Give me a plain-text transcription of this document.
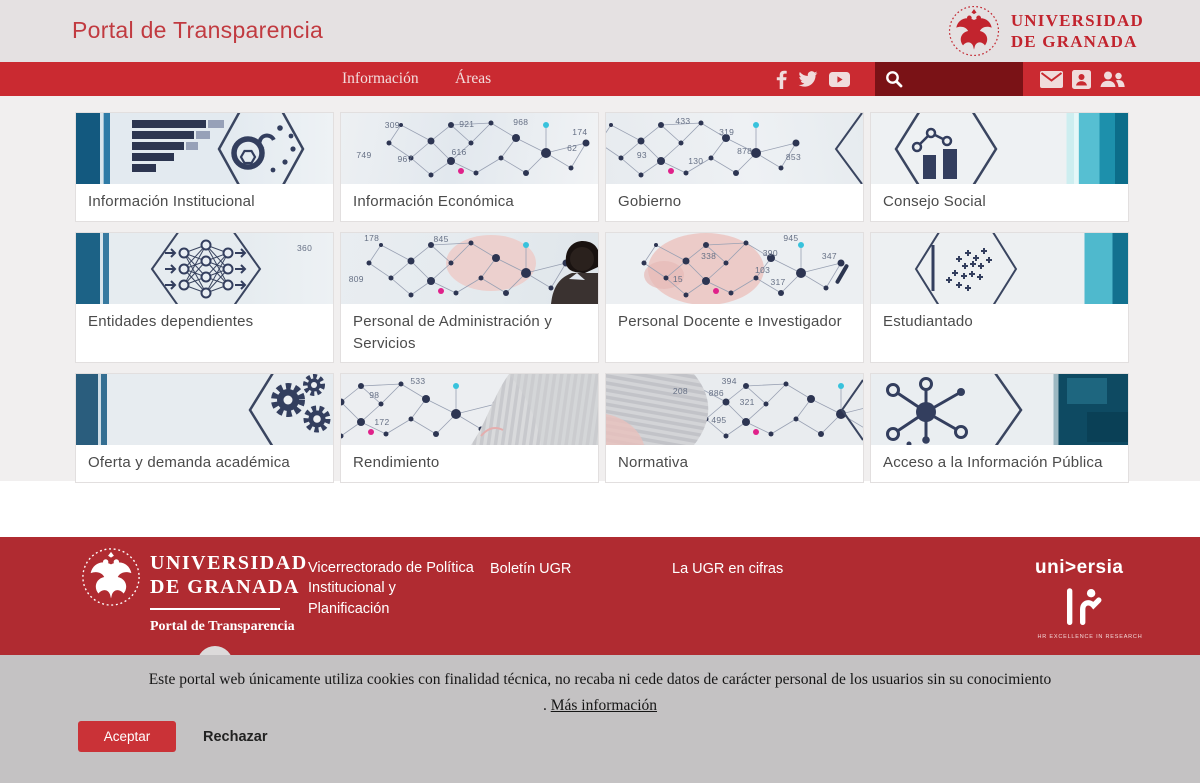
Portal de Transparencia	UNIVERSIDAD
DE GRANADA
Información Áreas
Información Institucional
309	921	968
174
749	967
616	62
Información Económica
433
319
878
93
130	853
Gobierno	Consejo Social
360
Entidades dependientes
178	845
809
Personal de Administración y Servicios
945
338	390	347
103
317
15
Personal Docente e Investigador	Estudiantado
Oferta y demanda académica
533
98
172
Rendimiento
394
208 886
321
495
Normativa	Acceso a la Información Pública
UNIVERSIDAD
DE GRANADA
Portal de Transparencia
Vicerrectorado de Política Institucional y Planificación
Boletín UGR	La UGR en cifras	uni>ersia
HR EXCELLENCE IN RESEARCH
Este portal web únicamente utiliza cookies con finalidad técnica, no recaba ni cede datos de carácter personal de los usuarios sin su conocimiento
. Más información
Aceptar	Rechazar
